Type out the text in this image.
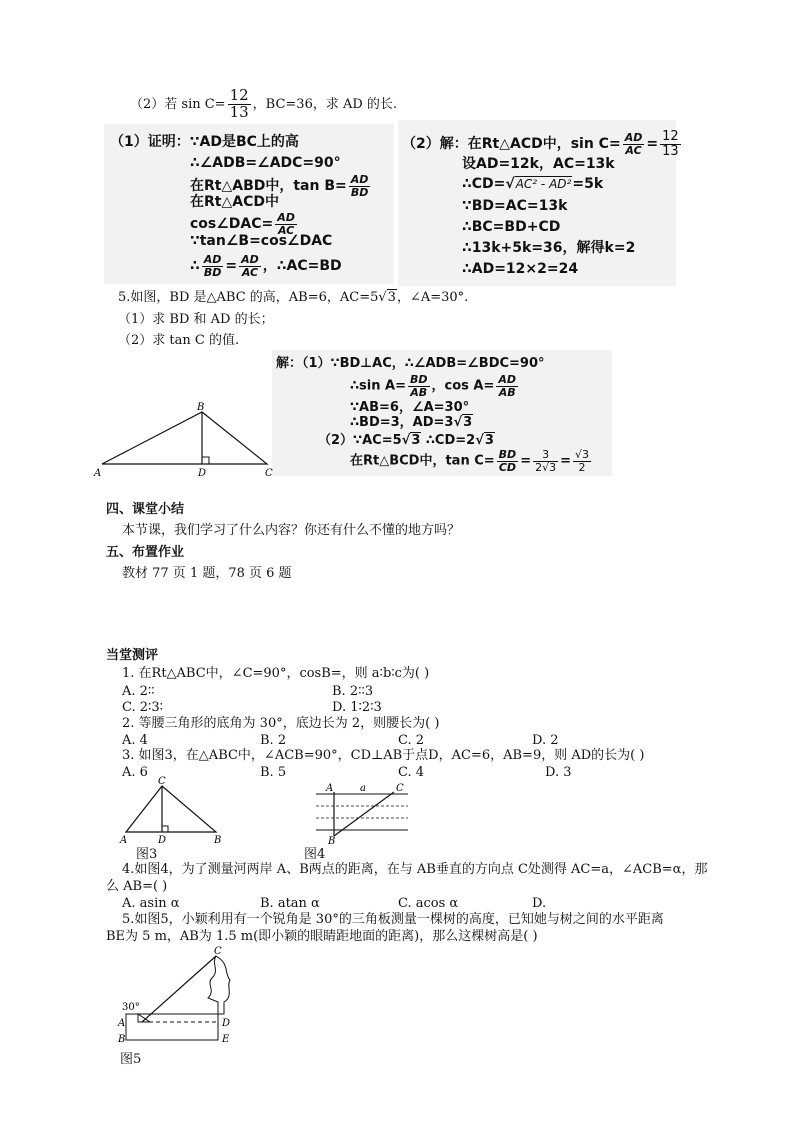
（2）若 $\sin C= \frac{12}{13}$ ，BC=36，求 AD 的长.
（1）证明：∵AD是BC上的高
∴∠ADB=∠ADC=90°
在Rt△ABD中，$\tan B= \frac{AD}{BD}$
在Rt△ACD中
cos∠DAC= $\frac{AD}{AC}$
∵tan∠B=cos∠DAC
∴ $\frac{AD}{BD} = \frac{AD}{AC}$ ，∴AC=BD
（2）解：在Rt△ACD中，$\sin C= \frac{AD}{AC} = \frac{12}{13}$
设AD=12k，AC=13k
∴CD=√AC² - AD²=5k
∵BD=AC=13k
∴BC=BD+CD
∴13k+5k=36，解得k=2
∴AD=12×2=24
5.如图，BD 是△ABC 的高，AB=6，AC=5√3，∠A=30°.
（1）求 BD 和 AD 的长；
（2）求 tan C 的值.
解：（1）∵BD⊥AC，∴∠ADB=∠BDC=90°
∴sin $A= \frac{BD}{AB}$ ，$\cos A= \frac{AD}{AB}$
∵AB=6，∠A=30°
∴BD=3，AD=3√3
（2）∵AC=5√3 ∴CD=2√3
在Rt△BCD中，$\tan C= \frac{BD}{CD} = \frac{3}{2√3} = \frac{√3}{2}$
A
B
D	C
四、课堂小结
本节课，我们学习了什么内容？你还有什么不懂的地方吗？
五、布置作业
教材 77 页 1 题，78 页 6 题
当堂测评
1. 在Rt△ABC中，∠C=90°，cosB=，则 a∶b∶c为( )
A. 2∶∶	B. 2∶∶3
C. 2∶3∶	D. 1∶2∶3
2. 等腰三角形的底角为 30°，底边长为 2，则腰长为( )
A. 4	B. 2	C. 2	D. 2
3. 如图3，在△ABC中，∠ACB=90°，CD⊥AB于点D，AC=6，AB=9，则 AD的长为( )
A. 6	B. 5	C. 4	D. 3
C
A	D	B
图3
A	a	C
B
图4
4.如图4，为了测量河两岸 A、B两点的距离，在与 AB垂直的方向点 C处测得 AC=a，∠ACB=α，那
么 AB=( )
A. asin α	B. atan α	C. acos α	D.
5.如图5，小颖利用有一个锐角是 30°的三角板测量一棵树的高度，已知她与树之间的水平距离
BE为 5 m，AB为 1.5 m(即小颖的眼睛距地面的距离)，那么这棵树高是( )
C
30°
A	D
B	E
图5
